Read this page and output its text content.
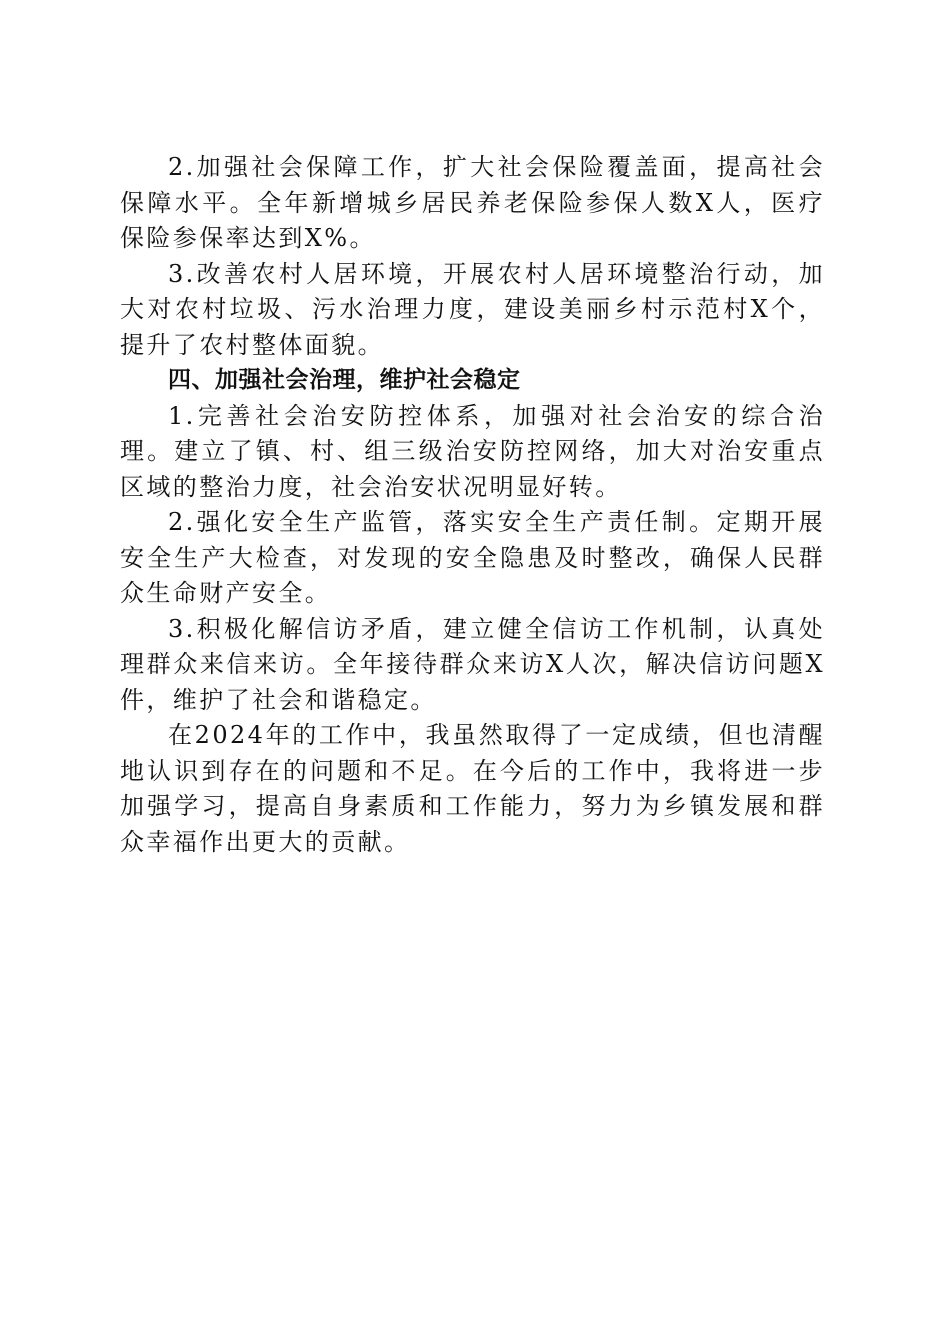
2.加强社会保障工作，扩大社会保险覆盖面，提高社会保障水平。全年新增城乡居民养老保险参保人数X人，医疗保险参保率达到X%。

3.改善农村人居环境，开展农村人居环境整治行动，加大对农村垃圾、污水治理力度，建设美丽乡村示范村X个，提升了农村整体面貌。

四、加强社会治理，维护社会稳定

1.完善社会治安防控体系，加强对社会治安的综合治理。建立了镇、村、组三级治安防控网络，加大对治安重点区域的整治力度，社会治安状况明显好转。

2.强化安全生产监管，落实安全生产责任制。定期开展安全生产大检查，对发现的安全隐患及时整改，确保人民群众生命财产安全。

3.积极化解信访矛盾，建立健全信访工作机制，认真处理群众来信来访。全年接待群众来访X人次，解决信访问题X件，维护了社会和谐稳定。

在2024年的工作中，我虽然取得了一定成绩，但也清醒地认识到存在的问题和不足。在今后的工作中，我将进一步加强学习，提高自身素质和工作能力，努力为乡镇发展和群众幸福作出更大的贡献。
